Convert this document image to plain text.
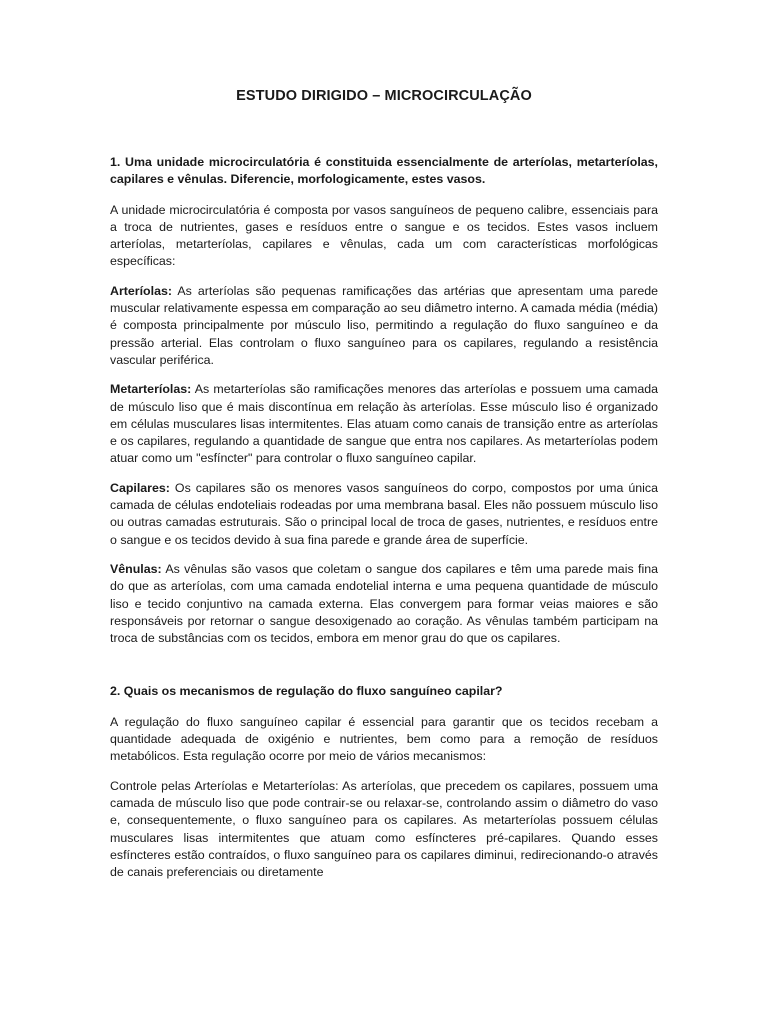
ESTUDO DIRIGIDO – MICROCIRCULAÇÃO
1. Uma unidade microcirculatória é constituida essencialmente de arteríolas, metarteríolas, capilares e vênulas. Diferencie, morfologicamente, estes vasos.
A unidade microcirculatória é composta por vasos sanguíneos de pequeno calibre, essenciais para a troca de nutrientes, gases e resíduos entre o sangue e os tecidos. Estes vasos incluem arteríolas, metarteríolas, capilares e vênulas, cada um com características morfológicas específicas:
Arteríolas: As arteríolas são pequenas ramificações das artérias que apresentam uma parede muscular relativamente espessa em comparação ao seu diâmetro interno. A camada média (média) é composta principalmente por músculo liso, permitindo a regulação do fluxo sanguíneo e da pressão arterial. Elas controlam o fluxo sanguíneo para os capilares, regulando a resistência vascular periférica.
Metarteríolas: As metarteríolas são ramificações menores das arteríolas e possuem uma camada de músculo liso que é mais discontínua em relação às arteríolas. Esse músculo liso é organizado em células musculares lisas intermitentes. Elas atuam como canais de transição entre as arteríolas e os capilares, regulando a quantidade de sangue que entra nos capilares. As metarteríolas podem atuar como um "esfíncter" para controlar o fluxo sanguíneo capilar.
Capilares: Os capilares são os menores vasos sanguíneos do corpo, compostos por uma única camada de células endoteliais rodeadas por uma membrana basal. Eles não possuem músculo liso ou outras camadas estruturais. São o principal local de troca de gases, nutrientes, e resíduos entre o sangue e os tecidos devido à sua fina parede e grande área de superfície.
Vênulas: As vênulas são vasos que coletam o sangue dos capilares e têm uma parede mais fina do que as arteríolas, com uma camada endotelial interna e uma pequena quantidade de músculo liso e tecido conjuntivo na camada externa. Elas convergem para formar veias maiores e são responsáveis por retornar o sangue desoxigenado ao coração. As vênulas também participam na troca de substâncias com os tecidos, embora em menor grau do que os capilares.
2. Quais os mecanismos de regulação do fluxo sanguíneo capilar?
A regulação do fluxo sanguíneo capilar é essencial para garantir que os tecidos recebam a quantidade adequada de oxigénio e nutrientes, bem como para a remoção de resíduos metabólicos. Esta regulação ocorre por meio de vários mecanismos:
Controle pelas Arteríolas e Metarteríolas: As arteríolas, que precedem os capilares, possuem uma camada de músculo liso que pode contrair-se ou relaxar-se, controlando assim o diâmetro do vaso e, consequentemente, o fluxo sanguíneo para os capilares. As metarteríolas possuem células musculares lisas intermitentes que atuam como esfíncteres pré-capilares. Quando esses esfíncteres estão contraídos, o fluxo sanguíneo para os capilares diminui, redirecionando-o através de canais preferenciais ou diretamente
